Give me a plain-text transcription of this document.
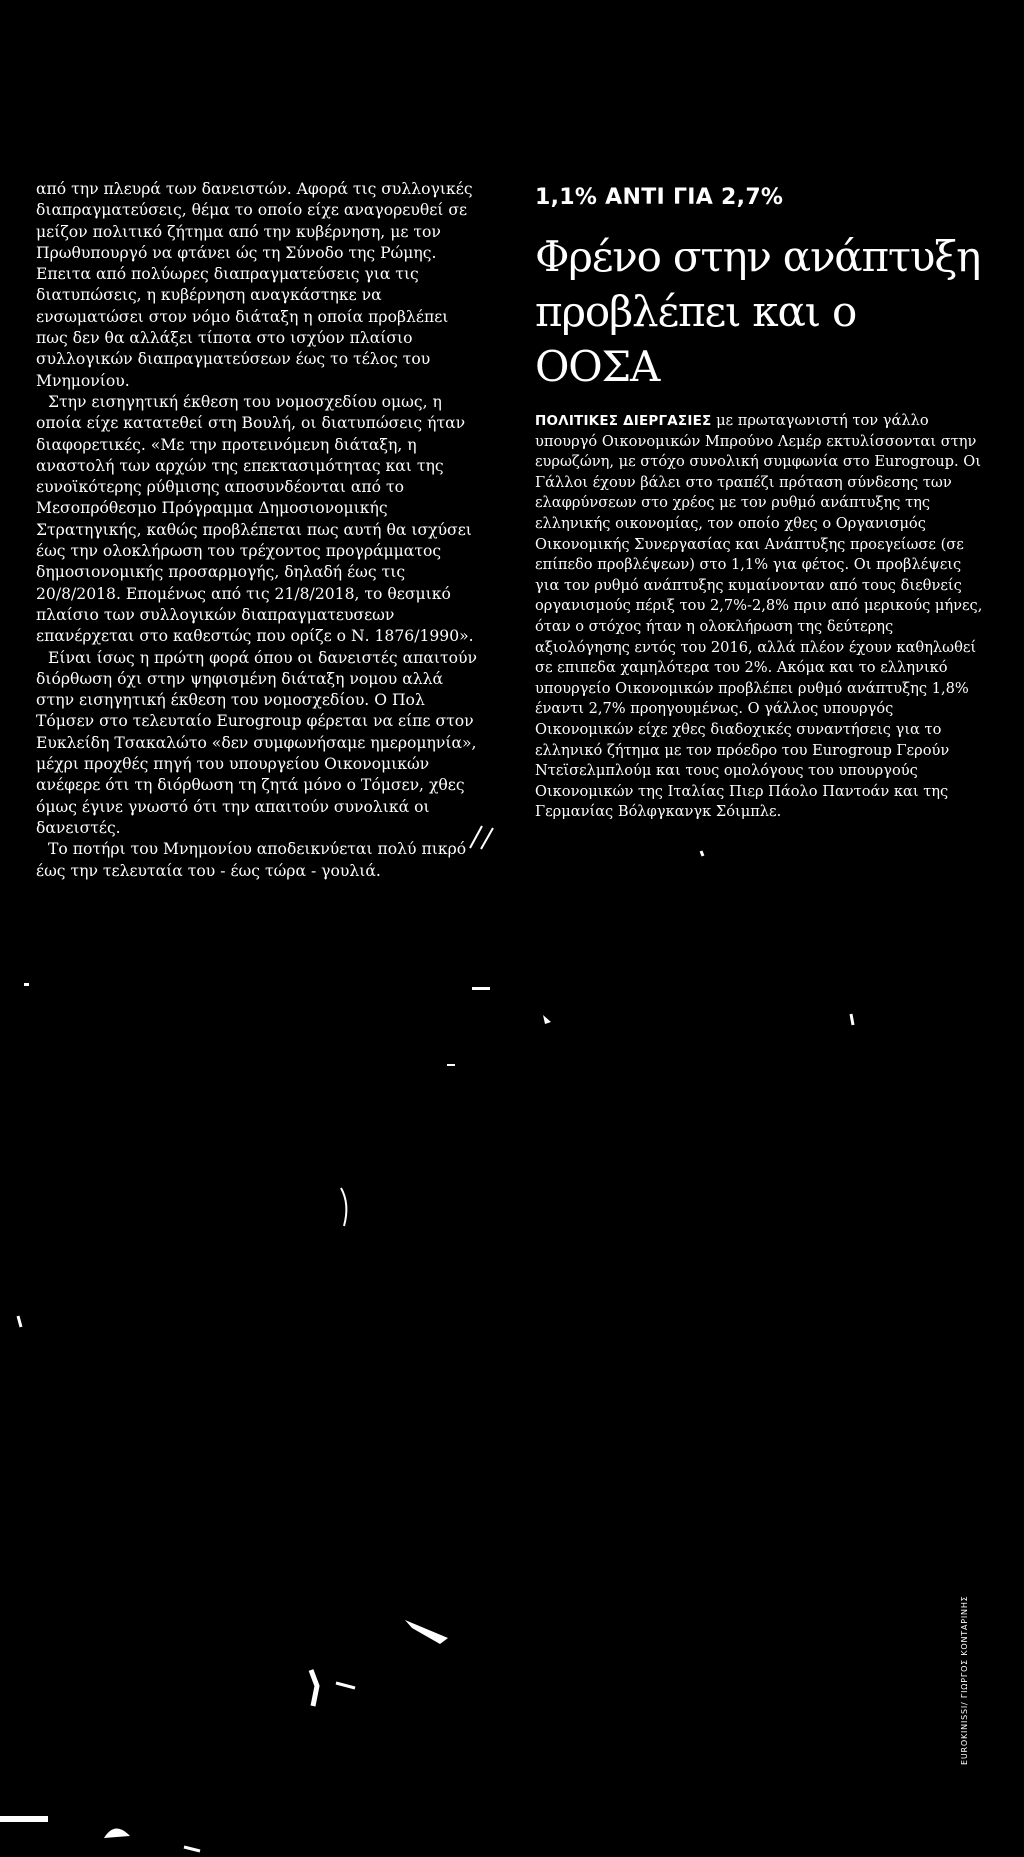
από την πλευρά των δανειστών. Αφορά τις συλλογικές διαπραγματεύσεις, θέμα το οποίο είχε αναγορευθεί σε μείζον πολιτικό ζήτημα από την κυβέρνηση, με τον Πρωθυπουργό να φτάνει ώς τη Σύνοδο της Ρώμης. Επειτα από πολύωρες διαπραγματεύσεις για τις διατυπώσεις, η κυβέρνηση αναγκάστηκε να ενσωματώσει στον νόμο διάταξη η οποία προβλέπει πως δεν θα αλλάξει τίποτα στο ισχύον πλαίσιο συλλογικών διαπραγματεύσεων έως το τέλος του Μνημονίου.

Στην εισηγητική έκθεση του νομοσχεδίου ομως, η οποία είχε κατατεθεί στη Βουλή, οι διατυπώσεις ήταν διαφορετικές. «Με την προτεινόμενη διάταξη, η αναστολή των αρχών της επεκτασιμότητας και της ευνοϊκότερης ρύθμισης αποσυνδέονται από το Μεσοπρόθεσμο Πρόγραμμα Δημοσιονομικής Στρατηγικής, καθώς προβλέπεται πως αυτή θα ισχύσει έως την ολοκλήρωση του τρέχοντος προγράμματος δημοσιονομικής προσαρμογής, δηλαδή έως τις 20/8/2018. Επομένως από τις 21/8/2018, το θεσμικό πλαίσιο των συλλογικών διαπραγματευσεων επανέρχεται στο καθεστώς που ορίζε ο Ν. 1876/1990».

Είναι ίσως η πρώτη φορά όπου οι δανειστές απαιτούν διόρθωση όχι στην ψηφισμένη διάταξη νομου αλλά στην εισηγητική έκθεση του νομοσχεδίου. Ο Πολ Τόμσεν στο τελευταίο Eurogroup φέρεται να είπε στον Ευκλείδη Τσακαλώτο «δεν συμφωνήσαμε ημερομηνία», μέχρι προχθές πηγή του υπουργείου Οικονομικών ανέφερε ότι τη διόρθωση τη ζητά μόνο ο Τόμσεν, χθες όμως έγινε γνωστό ότι την απαιτούν συνολικά οι δανειστές.

Το ποτήρι του Μνημονίου αποδεικνύεται πολύ πικρό έως την τελευταία του - έως τώρα - γουλιά.

1,1% ΑΝΤΙ ΓΙΑ 2,7%
Φρένο στην ανάπτυξη προβλέπει και ο ΟΟΣΑ
ΠΟΛΙΤΙΚΕΣ ΔΙΕΡΓΑΣΙΕΣ με πρωταγωνιστή τον γάλλο υπουργό Οικονομικών Μπρούνο Λεμέρ εκτυλίσσονται στην ευρωζώνη, με στόχο συνολική συμφωνία στο Eurogroup. Οι Γάλλοι έχουν βάλει στο τραπέζι πρόταση σύνδεσης των ελαφρύνσεων στο χρέος με τον ρυθμό ανάπτυξης της ελληνικής οικονομίας, τον οποίο χθες ο Οργανισμός Οικονομικής Συνεργασίας και Ανάπτυξης προεγείωσε (σε επίπεδο προβλέψεων) στο 1,1% για φέτος. Οι προβλέψεις για τον ρυθμό ανάπτυξης κυμαίνονταν από τους διεθνείς οργανισμούς πέριξ του 2,7%-2,8% πριν από μερικούς μήνες, όταν ο στόχος ήταν η ολοκλήρωση της δεύτερης αξιολόγησης εντός του 2016, αλλά πλέον έχουν καθηλωθεί σε επιπεδα χαμηλότερα του 2%. Ακόμα και το ελληνικό υπουργείο Οικονομικών προβλέπει ρυθμό ανάπτυξης 1,8% έναντι 2,7% προηγουμένως. Ο γάλλος υπουργός Οικονομικών είχε χθες διαδοχικές συναντήσεις για το ελληνικό ζήτημα με τον πρόεδρο του Eurogroup Γερούν Ντεϊσελμπλούμ και τους ομολόγους του υπουργούς Οικονομικών της Ιταλίας Πιερ Πάολο Παντοάν και της Γερμανίας Βόλφγκανγκ Σόιμπλε.
EUROKINISSI/ ΓΙΩΡΓΟΣ ΚΟΝΤΑΡΙΝΗΣ
